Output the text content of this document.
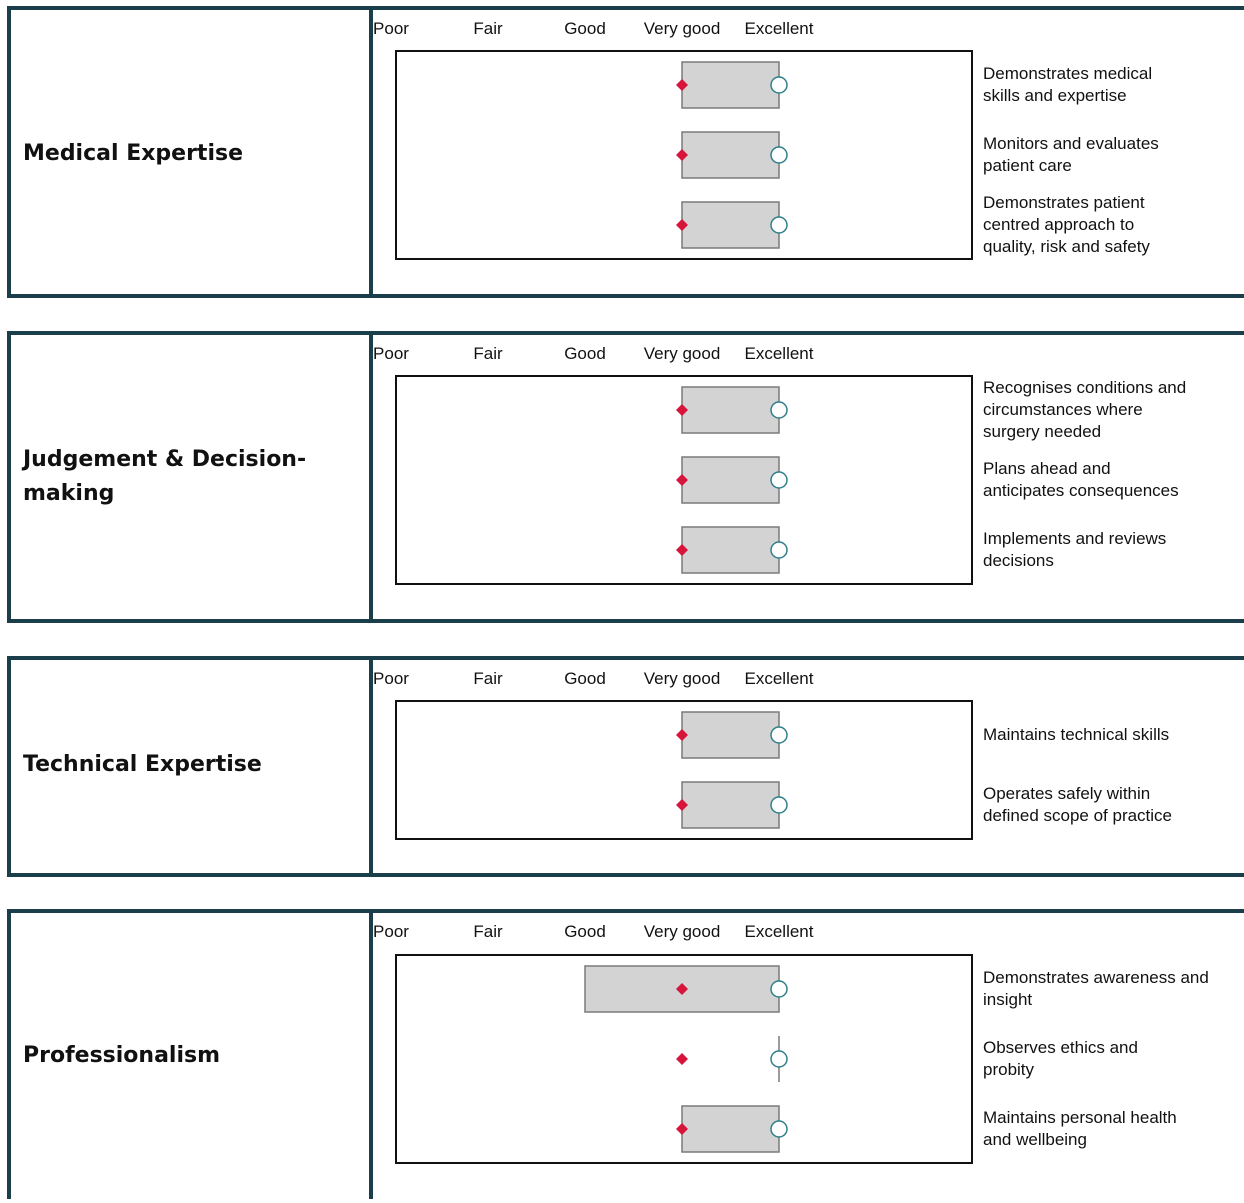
Medical Expertise
Poor	Fair	Good Very good Excellent
Demonstrates medical
skills and expertise
Monitors and evaluates
patient care
Demonstrates patient
centred approach to
quality, risk and safety
Judgement & Decision-making
Poor	Fair	Good Very good Excellent
Recognises conditions and
circumstances where
surgery needed
Plans ahead and
anticipates consequences
Implements and reviews
decisions
Technical Expertise
Poor	Fair	Good Very good Excellent
Maintains technical skills
Operates safely within
defined scope of practice
Professionalism
Poor	Fair	Good Very good Excellent
Demonstrates awareness and
insight
Observes ethics and
probity
Maintains personal health
and wellbeing
